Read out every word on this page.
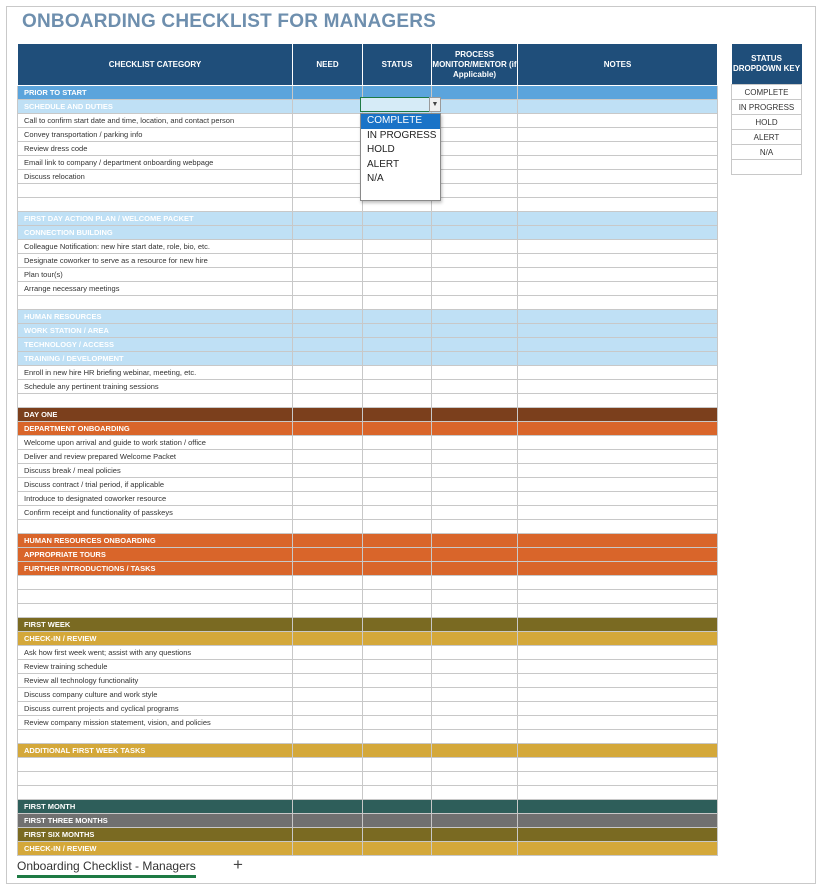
ONBOARDING CHECKLIST FOR MANAGERS
CHECKLIST CATEGORY	NEED	STATUS	PROCESS MONITOR/MENTOR (if Applicable)	NOTES
PRIOR TO START				
SCHEDULE AND DUTIES				
Call to confirm start date and time, location, and contact person				
Convey transportation / parking info				
Review dress code				
Email link to company / department onboarding webpage				
Discuss relocation				

FIRST DAY ACTION PLAN / WELCOME PACKET				
CONNECTION BUILDING				
Colleague Notification: new hire start date, role, bio, etc.				
Designate coworker to serve as a resource for new hire				
Plan tour(s)				
Arrange necessary meetings				

HUMAN RESOURCES				
WORK STATION / AREA				
TECHNOLOGY / ACCESS				
TRAINING / DEVELOPMENT				
Enroll in new hire HR briefing webinar, meeting, etc.				
Schedule any pertinent training sessions				

DAY ONE				
DEPARTMENT ONBOARDING				
Welcome upon arrival and guide to work station / office				
Deliver and review prepared Welcome Packet				
Discuss break / meal policies				
Discuss contract / trial period, if applicable				
Introduce to designated coworker resource				
Confirm receipt and functionality of passkeys				

HUMAN RESOURCES ONBOARDING				
APPROPRIATE TOURS				
FURTHER INTRODUCTIONS / TASKS				

FIRST WEEK				
CHECK-IN / REVIEW				
Ask how first week went; assist with any questions				
Review training schedule				
Review all technology functionality				
Discuss company culture and work style				
Discuss current projects and cyclical programs				
Review company mission statement, vision, and policies				

ADDITIONAL FIRST WEEK TASKS				

FIRST MONTH				
FIRST THREE MONTHS				
FIRST SIX MONTHS				
CHECK-IN / REVIEW				
STATUS DROPDOWN KEY
COMPLETE
IN PROGRESS
HOLD
ALERT
N/A

▼
COMPLETE
IN PROGRESS
HOLD
ALERT
N/A
Onboarding Checklist - Managers +
